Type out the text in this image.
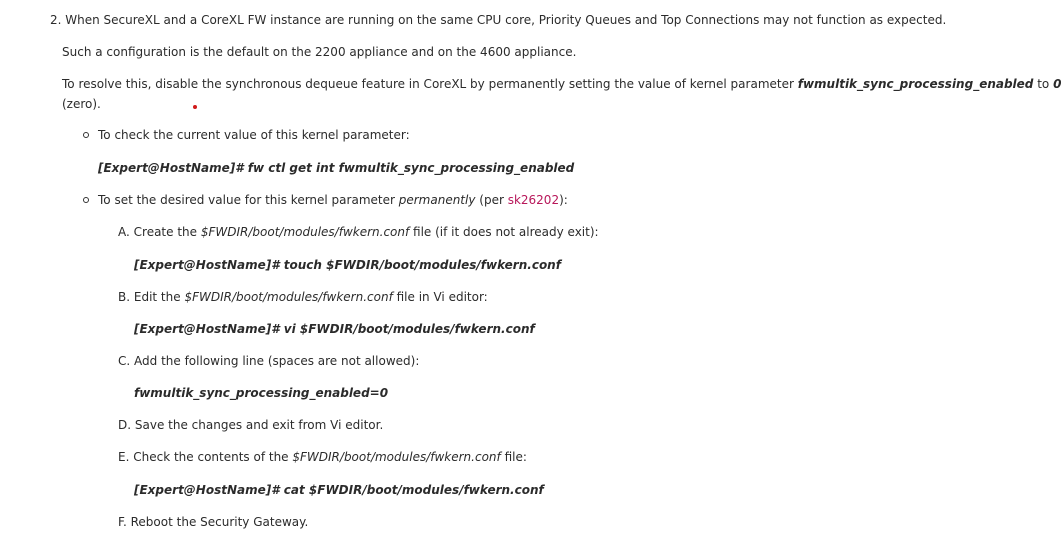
2. When SecureXL and a CoreXL FW instance are running on the same CPU core, Priority Queues and Top Connections may not function as expected.
Such a configuration is the default on the 2200 appliance and on the 4600 appliance.
To resolve this, disable the synchronous dequeue feature in CoreXL by permanently setting the value of kernel parameter fwmultik_sync_processing_enabled to 0
(zero).
To check the current value of this kernel parameter:
[Expert@HostName]# fw ctl get int fwmultik_sync_processing_enabled
To set the desired value for this kernel parameter permanently (per sk26202):
A. Create the $FWDIR/boot/modules/fwkern.conf file (if it does not already exit):
[Expert@HostName]# touch $FWDIR/boot/modules/fwkern.conf
B. Edit the $FWDIR/boot/modules/fwkern.conf file in Vi editor:
[Expert@HostName]# vi $FWDIR/boot/modules/fwkern.conf
C. Add the following line (spaces are not allowed):
fwmultik_sync_processing_enabled=0
D. Save the changes and exit from Vi editor.
E. Check the contents of the $FWDIR/boot/modules/fwkern.conf file:
[Expert@HostName]# cat $FWDIR/boot/modules/fwkern.conf
F. Reboot the Security Gateway.
